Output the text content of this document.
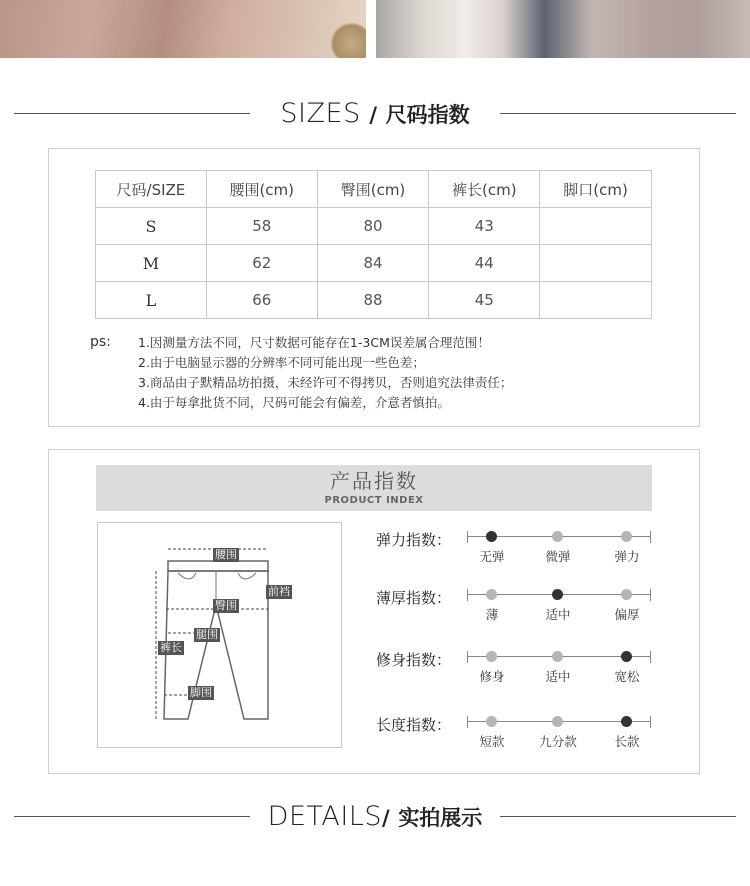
SIZES / 尺码指数
尺码/SIZE	腰围(cm)	臀围(cm)	裤长(cm)	脚口(cm)
S	58	80	43	
M	62	84	44	
L	66	88	45	
ps: 1.因测量方法不同，尺寸数据可能存在1-3CM误差属合理范围！
2.由于电脑显示器的分辨率不同可能出现一些色差；
3.商品由子默精品坊拍摄，未经许可不得拷贝，否则追究法律责任；
4.由于每拿批货不同，尺码可能会有偏差，介意者慎拍。
产品指数
PRODUCT INDEX
腰围
前裆
臀围
腿围
裤长
脚围
弹力指数：
无弹	微弹	弹力
薄厚指数：
薄	适中	偏厚
修身指数：
修身	适中	宽松
长度指数：
短款	九分款	长款
DETAILS/ 实拍展示
